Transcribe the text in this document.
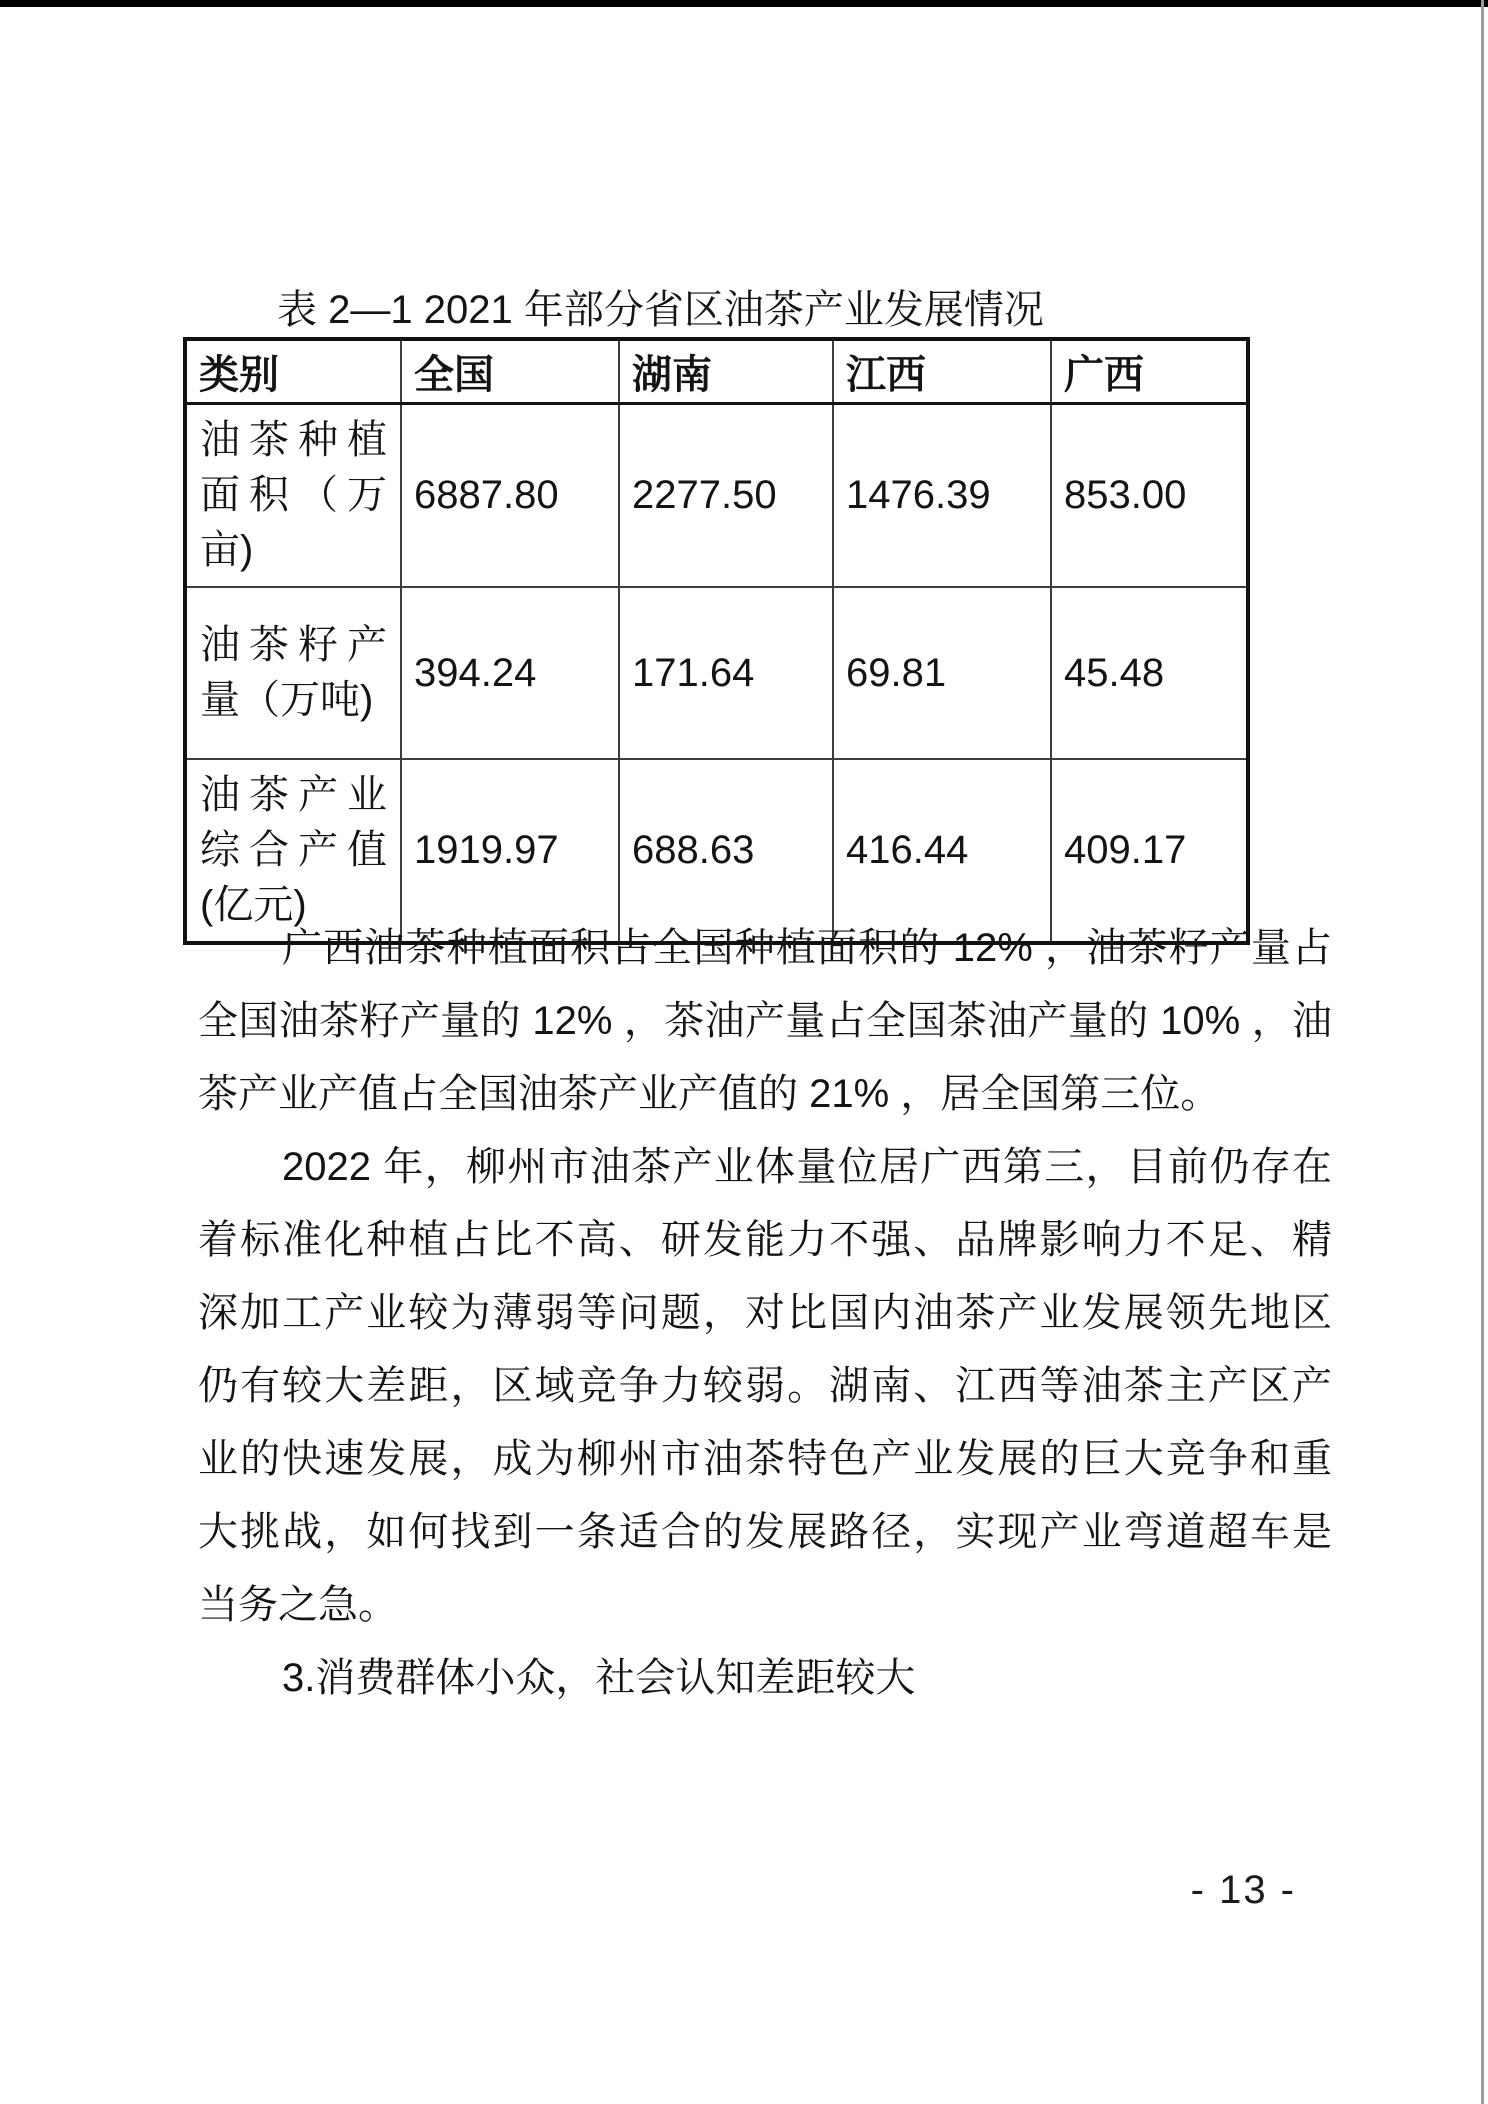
表 2—1 2021 年部分省区油茶产业发展情况
类别	全国	湖南	江西	广西
油茶种植面积（万亩)	6887.80	2277.50	1476.39	853.00
油茶籽产量（万吨)	394.24	171.64	69.81	45.48
油茶产业综合产值(亿元)	1919.97	688.63	416.44	409.17
广西油茶种植面积占全国种植面积的 12% ，油茶籽产量占
全国油茶籽产量的 12% ，茶油产量占全国茶油产量的 10% ，油
茶产业产值占全国油茶产业产值的 21% ，居全国第三位。
2022 年，柳州市油茶产业体量位居广西第三，目前仍存在
着标准化种植占比不高、研发能力不强、品牌影响力不足、精
深加工产业较为薄弱等问题，对比国内油茶产业发展领先地区
仍有较大差距，区域竞争力较弱。湖南、江西等油茶主产区产
业的快速发展，成为柳州市油茶特色产业发展的巨大竞争和重
大挑战，如何找到一条适合的发展路径，实现产业弯道超车是
当务之急。
3.消费群体小众，社会认知差距较大
- 13 -
